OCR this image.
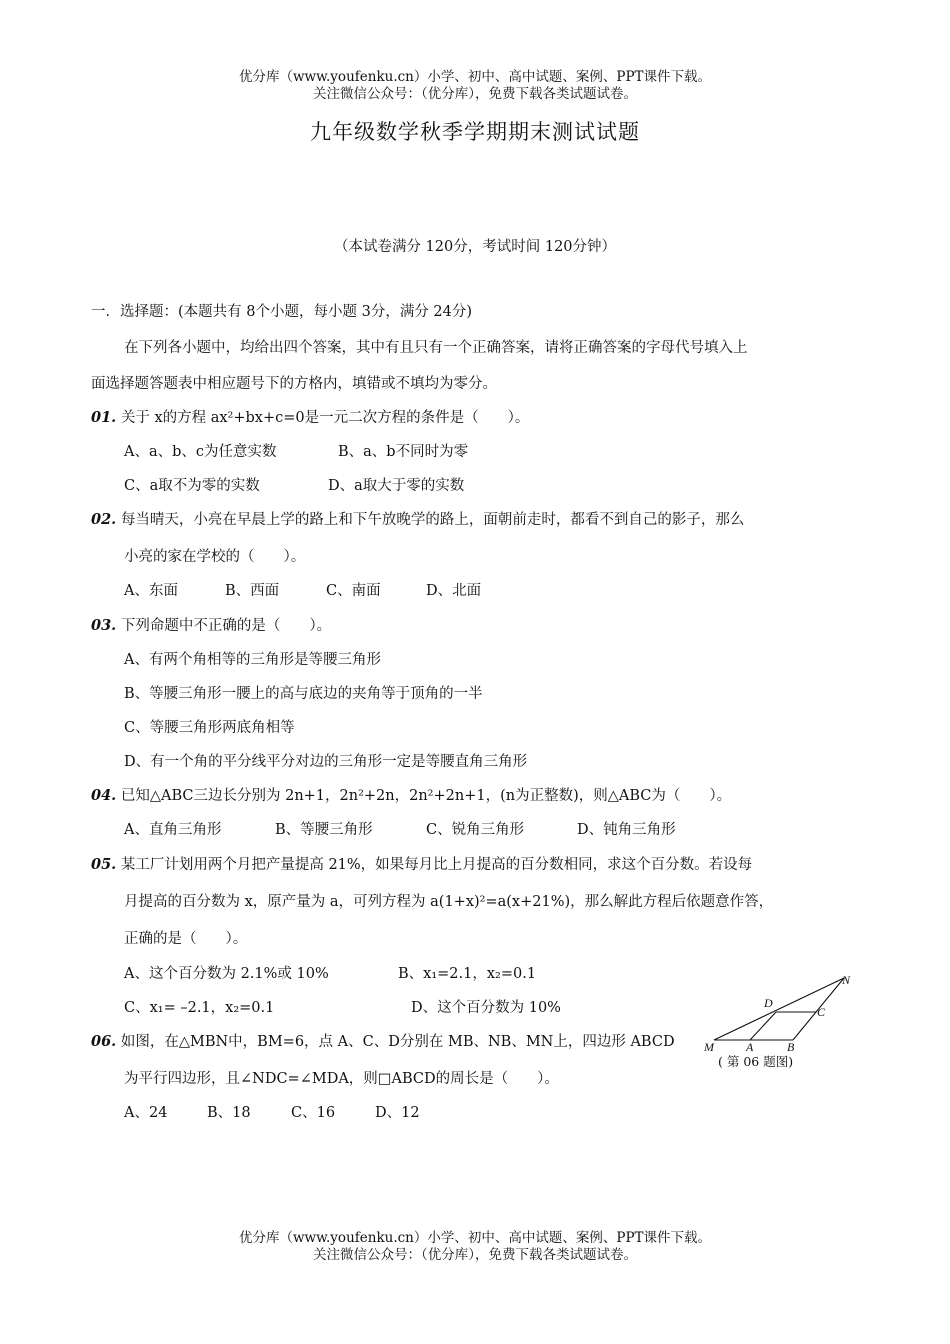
优分库（www.youfenku.cn）小学、初中、高中试题、案例、PPT课件下载。
关注微信公众号：（优分库），免费下载各类试题试卷。
九年级数学秋季学期期末测试试题
（本试卷满分 120分，考试时间 120分钟）
一．选择题：(本题共有 8个小题，每小题 3分，满分 24分)
在下列各小题中，均给出四个答案，其中有且只有一个正确答案，请将正确答案的字母代号填入上
面选择题答题表中相应题号下的方格内，填错或不填均为零分。
01. 关于 x的方程 ax²+bx+c=0是一元二次方程的条件是（　　）。
A、a、b、c为任意实数	B、a、b不同时为零
C、a取不为零的实数	D、a取大于零的实数
02. 每当晴天，小亮在早晨上学的路上和下午放晚学的路上，面朝前走时，都看不到自己的影子，那么
小亮的家在学校的（　　）。
A、东面	B、西面	C、南面	D、北面
03. 下列命题中不正确的是（　　）。
A、有两个角相等的三角形是等腰三角形
B、等腰三角形一腰上的高与底边的夹角等于顶角的一半
C、等腰三角形两底角相等
D、有一个角的平分线平分对边的三角形一定是等腰直角三角形
04. 已知△ABC三边长分别为 2n+1，2n²+2n，2n²+2n+1，(n为正整数)，则△ABC为（　　）。
A、直角三角形	B、等腰三角形	C、锐角三角形	D、钝角三角形
05. 某工厂计划用两个月把产量提高 21%，如果每月比上月提高的百分数相同，求这个百分数。若设每
月提高的百分数为 x，原产量为 a，可列方程为 a(1+x)²=a(x+21%)，那么解此方程后依题意作答，
正确的是（　　）。
A、这个百分数为 2.1%或 10%	B、x₁=2.1，x₂=0.1
C、x₁= –2.1，x₂=0.1	D、这个百分数为 10%
06. 如图，在△MBN中，BM=6，点 A、C、D分别在 MB、NB、MN上，四边形 ABCD
为平行四边形，且∠NDC=∠MDA，则□ABCD的周长是（　　）。
A、24	B、18	C、16	D、12
N
D
C
M	A	B
( 第 06 题图)
优分库（www.youfenku.cn）小学、初中、高中试题、案例、PPT课件下载。
关注微信公众号：（优分库），免费下载各类试题试卷。
